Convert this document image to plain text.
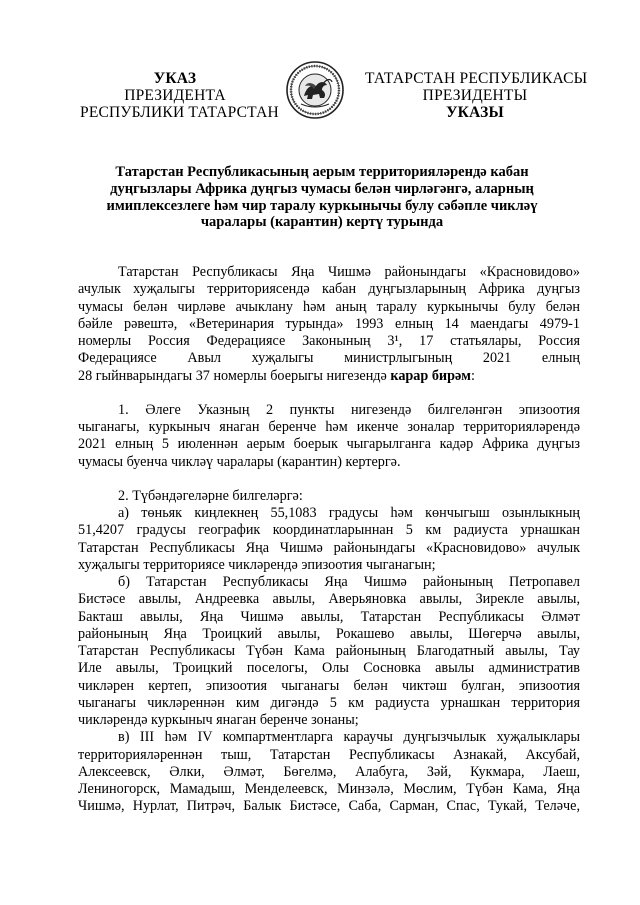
УКАЗ
ПРЕЗИДЕНТА
РЕСПУБЛИКИ ТАТАРСТАН
ТАТАРСТАН РЕСПУБЛИКАСЫ
ПРЕЗИДЕНТЫ
УКАЗЫ
Татарстан Республикасының аерым территорияләрендә кабан
дуңгызлары Африка дуңгыз чумасы белән чирләгәнгә, аларның
имиплексезлеге һәм чир таралу куркынычы булу сәбәпле чикләү
чаралары (карантин) кертү турында

Татарстан Республикасы Яңа Чишмә районындагы «Красновидово»

ачулык хуҗалыгы территориясендә кабан дуңгызларының Африка дуңгыз

чумасы белән чирләве ачыклану һәм аның таралу куркынычы булу белән

бәйле рәвештә, «Ветеринария турында» 1993 елның 14 маендагы 4979-1

номерлы Россия Федерациясе Законының 3¹, 17 статьялары, Россия

Федерациясе Авыл хуҗалыгы министрлыгының 2021 елның

28 гыйнварындагы 37 номерлы боерыгы нигезендә карар бирәм:

1. Әлеге Указның 2 пункты нигезендә билгеләнгән эпизоотия

чыганагы, куркыныч янаган беренче һәм икенче зоналар территорияләрендә

2021 елның 5 июленнән аерым боерык чыгарылганга кадәр Африка дуңгыз

чумасы буенча чикләү чаралары (карантин) кертергә.

2. Түбәндәгеләрне билгеләргә:

а) төньяк киңлекнең 55,1083 градусы һәм көнчыгыш озынлыкның

51,4207 градусы географик координатларыннан 5 км радиуста урнашкан

Татарстан Республикасы Яңа Чишмә районындагы «Красновидово» ачулык

хуҗалыгы территориясе чикләрендә эпизоотия чыганагын;

б) Татарстан Республикасы Яңа Чишмә районының Петропавел

Бистәсе авылы, Андреевка авылы, Аверьяновка авылы, Зирекле авылы,

Бакташ авылы, Яңа Чишмә авылы, Татарстан Республикасы Әлмәт

районының Яңа Троицкий авылы, Рокашево авылы, Шөгерчә авылы,

Татарстан Республикасы Түбән Кама районының Благодатный авылы, Тау

Иле авылы, Троицкий поселогы, Олы Сосновка авылы административ

чикләрен кертеп, эпизоотия чыганагы белән чиктәш булган, эпизоотия

чыганагы чикләреннән ким дигәндә 5 км радиуста урнашкан территория

чикләрендә куркыныч янаган беренче зонаны;

в) III һәм IV компартментларга караучы дуңгызчылык хуҗалыклары

территорияләреннән тыш, Татарстан Республикасы Азнакай, Аксубай,

Алексеевск, Әлки, Әлмәт, Бөгелмә, Алабуга, Зәй, Кукмара, Лаеш,

Лениногорск, Мамадыш, Менделеевск, Минзәлә, Мөслим, Түбән Кама, Яңа

Чишмә, Нурлат, Питрәч, Балык Бистәсе, Саба, Сарман, Спас, Тукай, Теләче,
